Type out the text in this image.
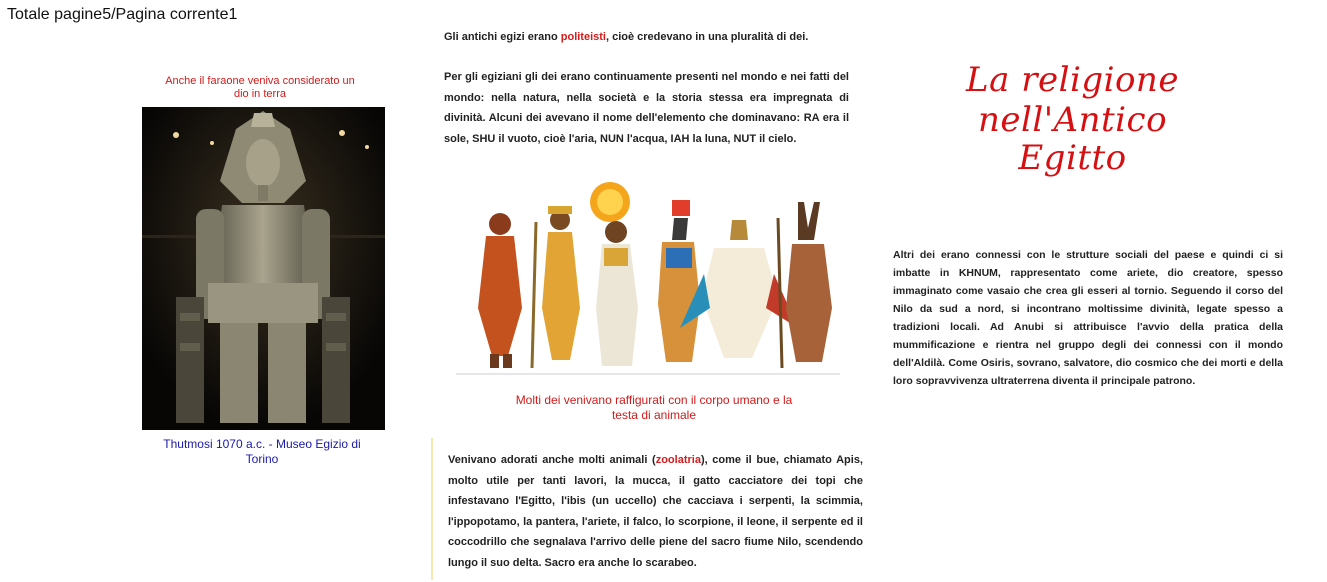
Totale pagine5/Pagina corrente1
Anche il faraone veniva considerato un dio in terra
Thutmosi 1070 a.c. - Museo Egizio di Torino
Gli antichi egizi erano politeisti, cioè credevano in una pluralità di dei.
Per gli egiziani gli dei erano continuamente presenti nel mondo e nei fatti del mondo: nella natura, nella società e la storia stessa era impregnata di divinità. Alcuni dei avevano il nome dell'elemento che dominavano: RA era il sole, SHU il vuoto, cioè l'aria, NUN l'acqua, IAH la luna, NUT il cielo.
Molti dei venivano raffigurati con il corpo umano e la testa di animale
Venivano adorati anche molti animali (zoolatria), come il bue, chiamato Apis, molto utile per tanti lavori, la mucca, il gatto cacciatore dei topi che infestavano l'Egitto, l'ibis (un uccello) che cacciava i serpenti, la scimmia, l'ippopotamo, la pantera, l'ariete, il falco, lo scorpione, il leone, il serpente ed il coccodrillo che segnalava l'arrivo delle piene del sacro fiume Nilo, scendendo lungo il suo delta. Sacro era anche lo scarabeo.
La religione nell'Antico
Egitto
Altri dei erano connessi con le strutture sociali del paese e quindi ci si imbatte in KHNUM, rappresentato come ariete, dio creatore, spesso immaginato come vasaio che crea gli esseri al tornio. Seguendo il corso del Nilo da sud a nord, si incontrano moltissime divinità, legate spesso a tradizioni locali. Ad Anubi si attribuisce l'avvio della pratica della mummificazione e rientra nel gruppo degli dei connessi con il mondo dell'Aldilà. Come Osiris, sovrano, salvatore, dio cosmico che dei morti e della loro sopravvivenza ultraterrena diventa il principale patrono.
